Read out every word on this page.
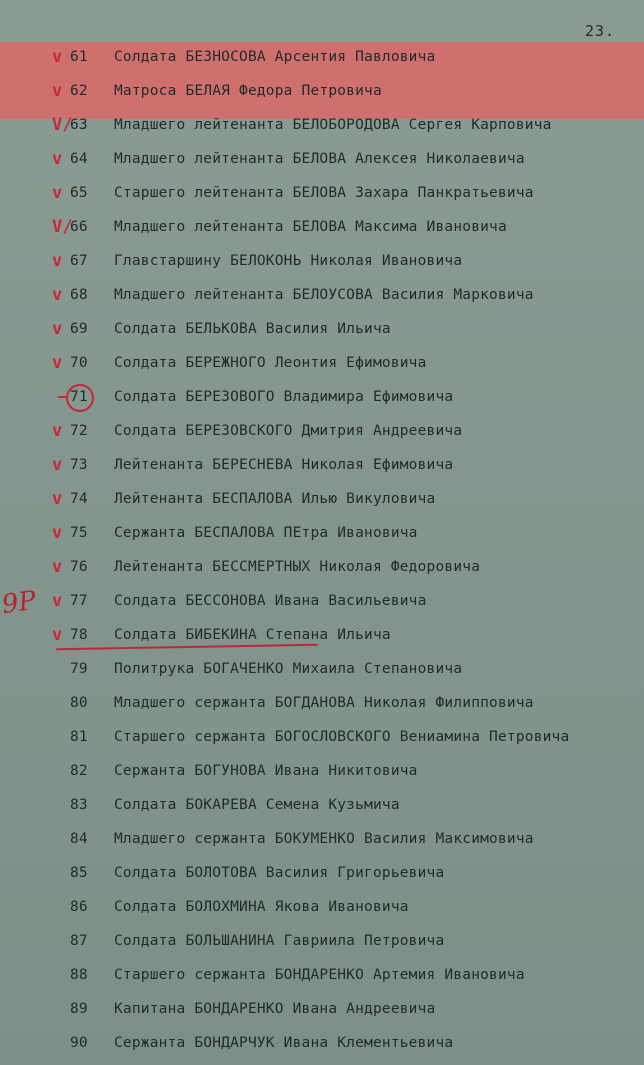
23.
v 61	Солдата БЕЗНОСОВА Арсентия Павловича
v 62	Матроса БЕЛАЯ Федора Петровича
V/
63	Младшего лейтенанта БЕЛОБОРОДОВА Сергея Карповича
v 64	Младшего лейтенанта БЕЛОВА Алексея Николаевича
v 65	Старшего лейтенанта БЕЛОВА Захара Панкратьевича
V/
66	Младшего лейтенанта БЕЛОВА Максима Ивановича
v 67	Главстаршину БЕЛОКОНЬ Николая Ивановича
v 68	Младшего лейтенанта БЕЛОУСОВА Василия Марковича
v 69	Солдата БЕЛЬКОВА Василия Ильича
v 70	Солдата БЕРЕЖНОГО Леонтия Ефимовича
71	Солдата БЕРЕЗОВОГО Владимира Ефимовича
v 72	Солдата БЕРЕЗОВСКОГО Дмитрия Андреевича
v 73	Лейтенанта БЕРЕСНЕВА Николая Ефимовича
v 74	Лейтенанта БЕСПАЛОВА Илью Викуловича
v 75	Сержанта БЕСПАЛОВА ПЕтра Ивановича
v 76	Лейтенанта БЕССМЕРТНЫХ Николая Федоровича
v 77	Солдата БЕССОНОВА Ивана Васильевича
v 78	Солдата БИБЕКИНА Степана Ильича
79	Политрука БОГАЧЕНКО Михаила Степановича
80	Младшего сержанта БОГДАНОВА Николая Филипповича
81	Старшего сержанта БОГОСЛОВСКОГО Вениамина Петровича
82	Сержанта БОГУНОВА Ивана Никитовича
83	Солдата БОКАРЕВА Семена Кузьмича
84	Младшего сержанта БОКУМЕНКО Василия Максимовича
85	Солдата БОЛОТОВА Василия Григорьевича
86	Солдата БОЛОХМИНА Якова Ивановича
87	Солдата БОЛЬШАНИНА Гавриила Петровича
88	Старшего сержанта БОНДАРЕНКО Артемия Ивановича
89	Капитана БОНДАРЕНКО Ивана Андреевича
90	Сержанта БОНДАРЧУК Ивана Клементьевича
9Р
